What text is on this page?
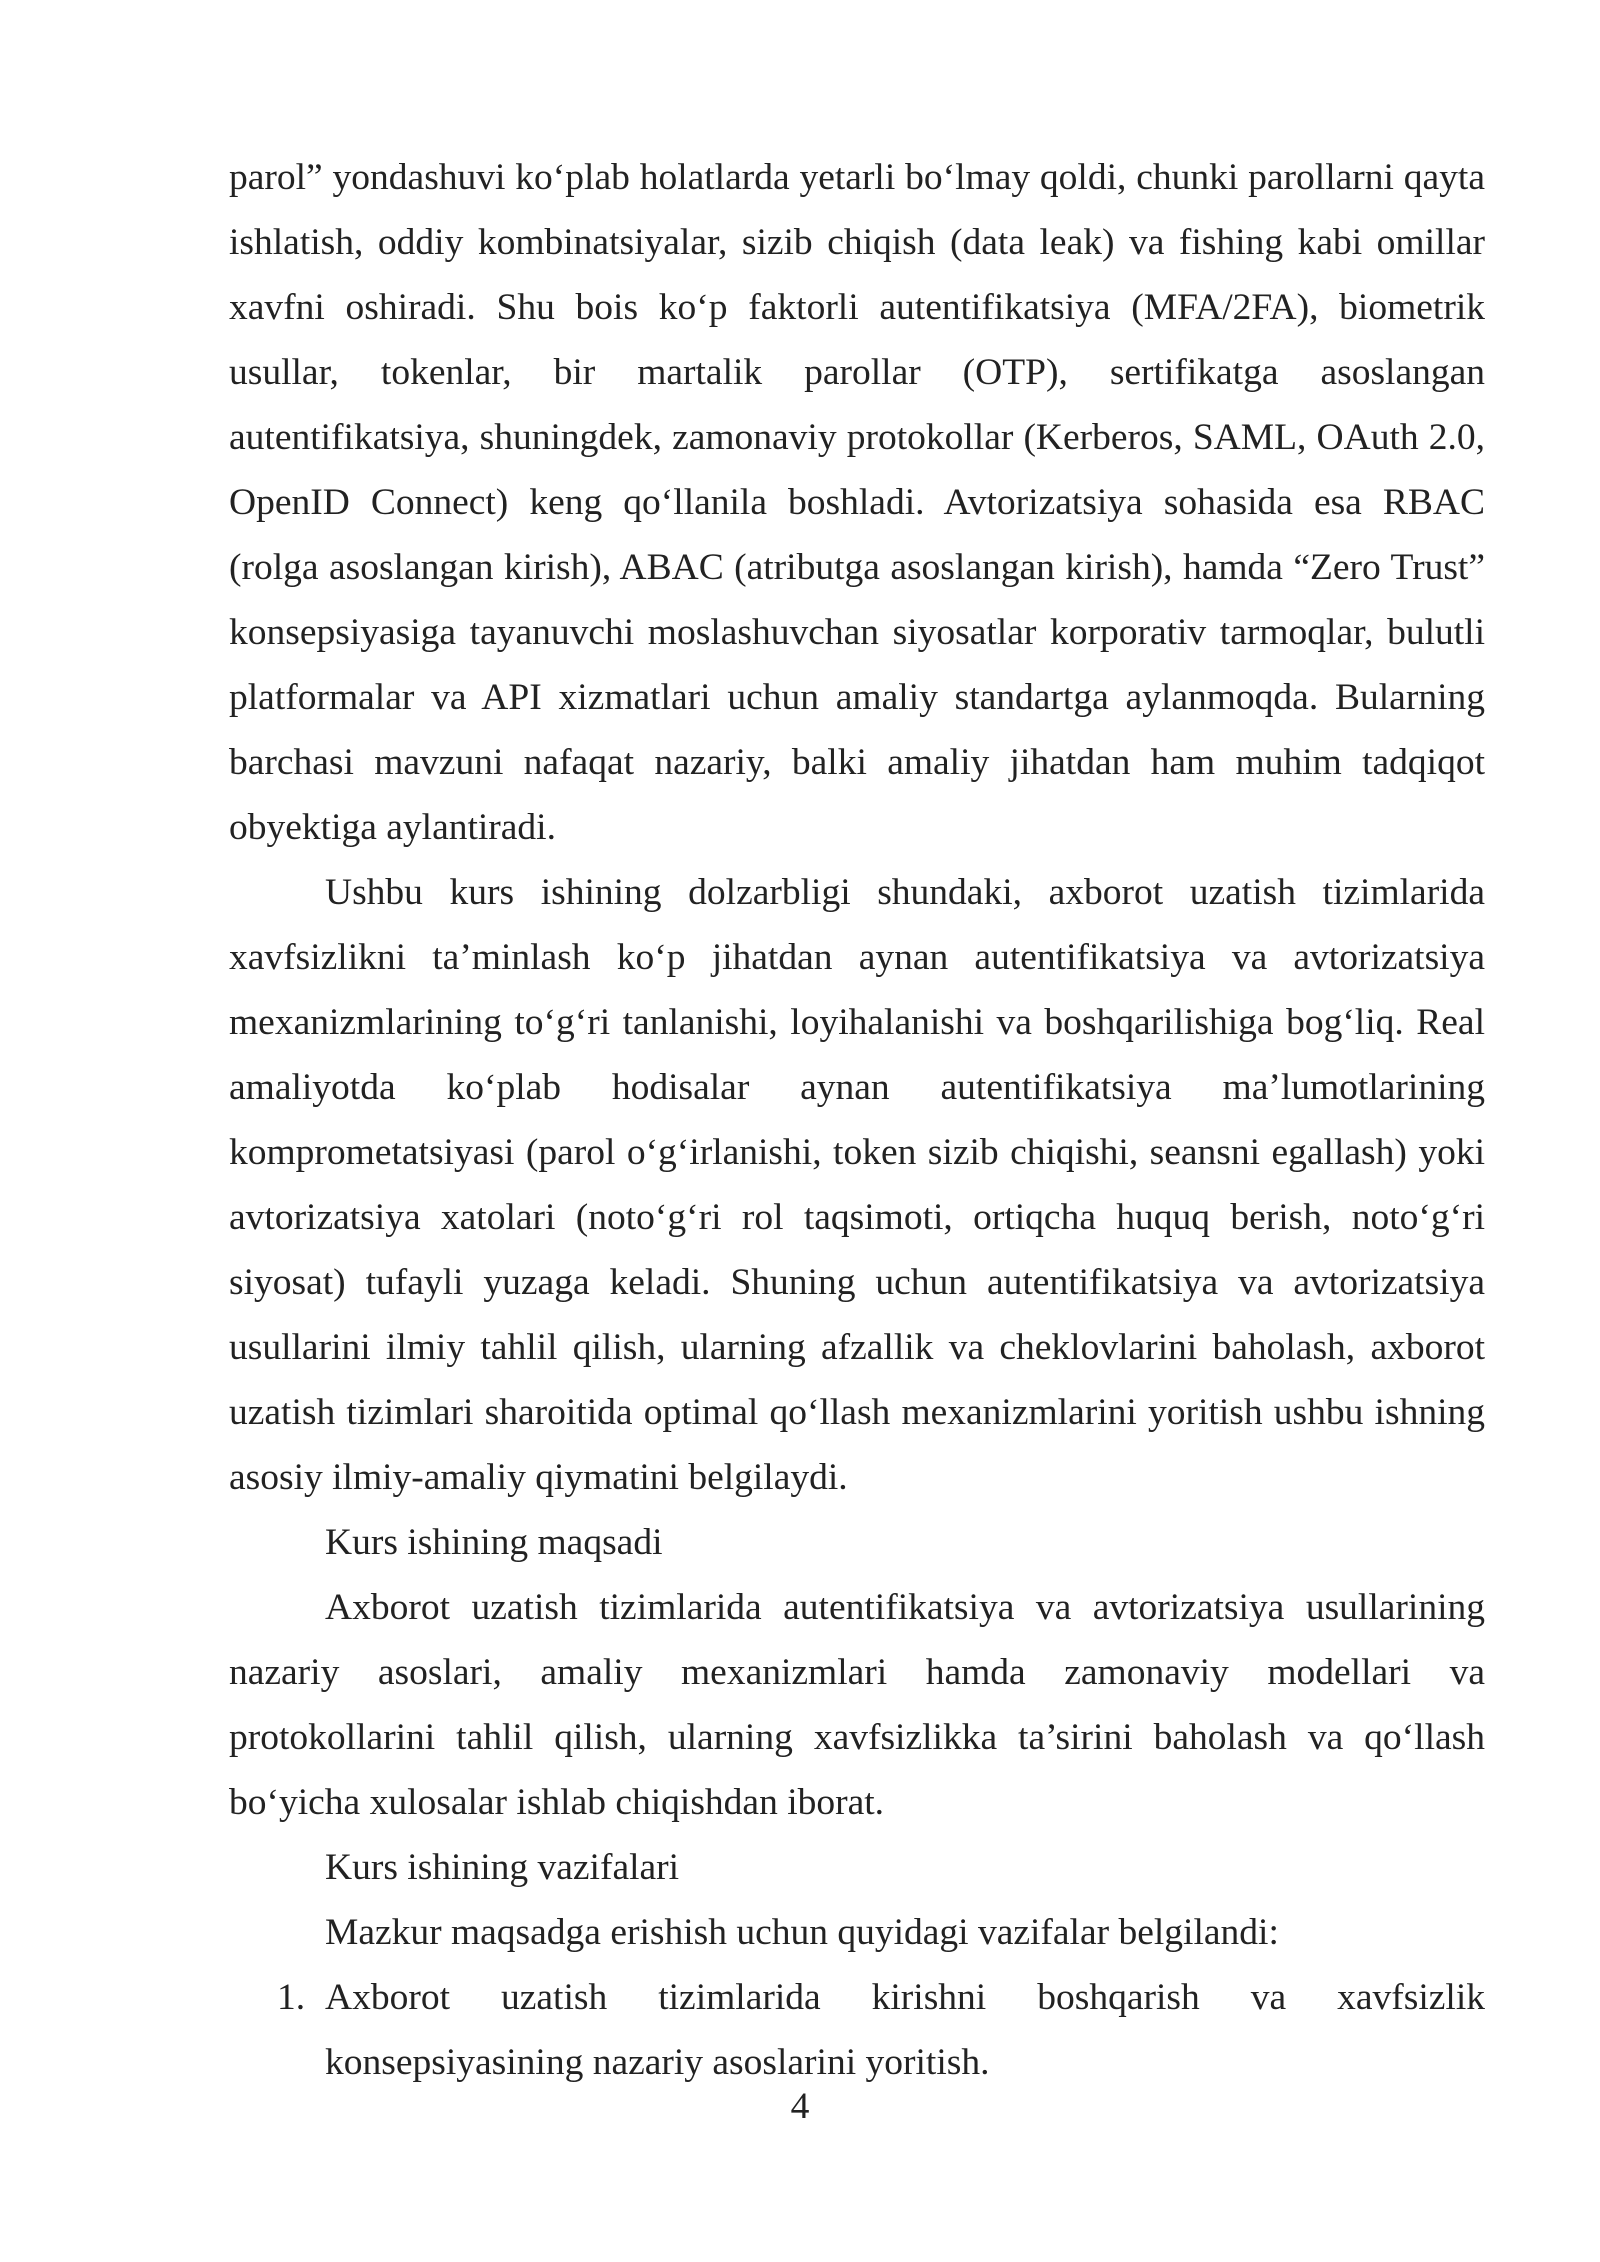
parol” yondashuvi ko‘plab holatlarda yetarli bo‘lmay qoldi, chunki parollarni qayta ishlatish, oddiy kombinatsiyalar, sizib chiqish (data leak) va fishing kabi omillar xavfni oshiradi. Shu bois ko‘p faktorli autentifikatsiya (MFA/2FA), biometrik usullar, tokenlar, bir martalik parollar (OTP), sertifikatga asoslangan autentifikatsiya, shuningdek, zamonaviy protokollar (Kerberos, SAML, OAuth 2.0, OpenID Connect) keng qo‘llanila boshladi. Avtorizatsiya sohasida esa RBAC (rolga asoslangan kirish), ABAC (atributga asoslangan kirish), hamda “Zero Trust” konsepsiyasiga tayanuvchi moslashuvchan siyosatlar korporativ tarmoqlar, bulutli platformalar va API xizmatlari uchun amaliy standartga aylanmoqda. Bularning barchasi mavzuni nafaqat nazariy, balki amaliy jihatdan ham muhim tadqiqot obyektiga aylantiradi.

Ushbu kurs ishining dolzarbligi shundaki, axborot uzatish tizimlarida xavfsizlikni ta’minlash ko‘p jihatdan aynan autentifikatsiya va avtorizatsiya mexanizmlarining to‘g‘ri tanlanishi, loyihalanishi va boshqarilishiga bog‘liq. Real amaliyotda ko‘plab hodisalar aynan autentifikatsiya ma’lumotlarining komprometatsiyasi (parol o‘g‘irlanishi, token sizib chiqishi, seansni egallash) yoki avtorizatsiya xatolari (noto‘g‘ri rol taqsimoti, ortiqcha huquq berish, noto‘g‘ri siyosat) tufayli yuzaga keladi. Shuning uchun autentifikatsiya va avtorizatsiya usullarini ilmiy tahlil qilish, ularning afzallik va cheklovlarini baholash, axborot uzatish tizimlari sharoitida optimal qo‘llash mexanizmlarini yoritish ushbu ishning asosiy ilmiy-amaliy qiymatini belgilaydi.

Kurs ishining maqsadi

Axborot uzatish tizimlarida autentifikatsiya va avtorizatsiya usullarining nazariy asoslari, amaliy mexanizmlari hamda zamonaviy modellari va protokollarini tahlil qilish, ularning xavfsizlikka ta’sirini baholash va qo‘llash bo‘yicha xulosalar ishlab chiqishdan iborat.

Kurs ishining vazifalari

Mazkur maqsadga erishish uchun quyidagi vazifalar belgilandi:

1. Axborot uzatish tizimlarida kirishni boshqarish va xavfsizlik konsepsiyasining nazariy asoslarini yoritish.
4
